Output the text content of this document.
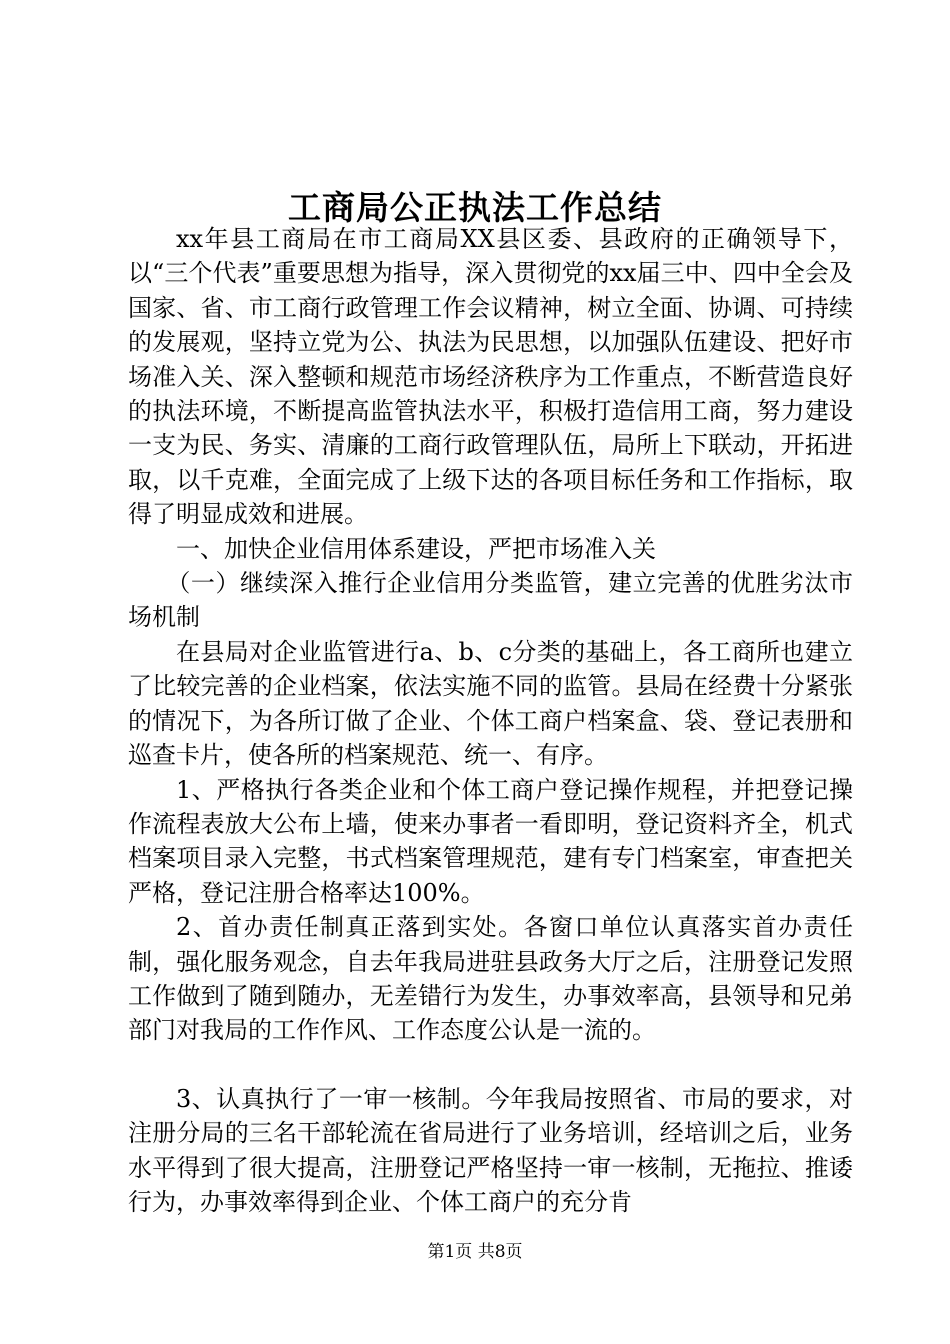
工商局公正执法工作总结

xx年县工商局在市工商局XX县区委、县政府的正确领导下，以“三个代表”重要思想为指导，深入贯彻党的xx届三中、四中全会及国家、省、市工商行政管理工作会议精神，树立全面、协调、可持续的发展观，坚持立党为公、执法为民思想，以加强队伍建设、把好市场准入关、深入整顿和规范市场经济秩序为工作重点，不断营造良好的执法环境，不断提高监管执法水平，积极打造信用工商，努力建设一支为民、务实、清廉的工商行政管理队伍，局所上下联动，开拓进取，以千克难，全面完成了上级下达的各项目标任务和工作指标，取得了明显成效和进展。

一、加快企业信用体系建设，严把市场准入关

（一）继续深入推行企业信用分类监管，建立完善的优胜劣汰市场机制

在县局对企业监管进行a、b、c分类的基础上，各工商所也建立了比较完善的企业档案，依法实施不同的监管。县局在经费十分紧张的情况下，为各所订做了企业、个体工商户档案盒、袋、登记表册和巡查卡片，使各所的档案规范、统一、有序。

1、严格执行各类企业和个体工商户登记操作规程，并把登记操作流程表放大公布上墙，使来办事者一看即明，登记资料齐全，机式档案项目录入完整，书式档案管理规范，建有专门档案室，审查把关严格，登记注册合格率达100%。

2、首办责任制真正落到实处。各窗口单位认真落实首办责任制，强化服务观念，自去年我局进驻县政务大厅之后，注册登记发照工作做到了随到随办，无差错行为发生，办事效率高，县领导和兄弟部门对我局的工作作风、工作态度公认是一流的。

3、认真执行了一审一核制。今年我局按照省、市局的要求，对注册分局的三名干部轮流在省局进行了业务培训，经培训之后，业务水平得到了很大提高，注册登记严格坚持一审一核制，无拖拉、推诿行为，办事效率得到企业、个体工商户的充分肯

第1页 共8页
